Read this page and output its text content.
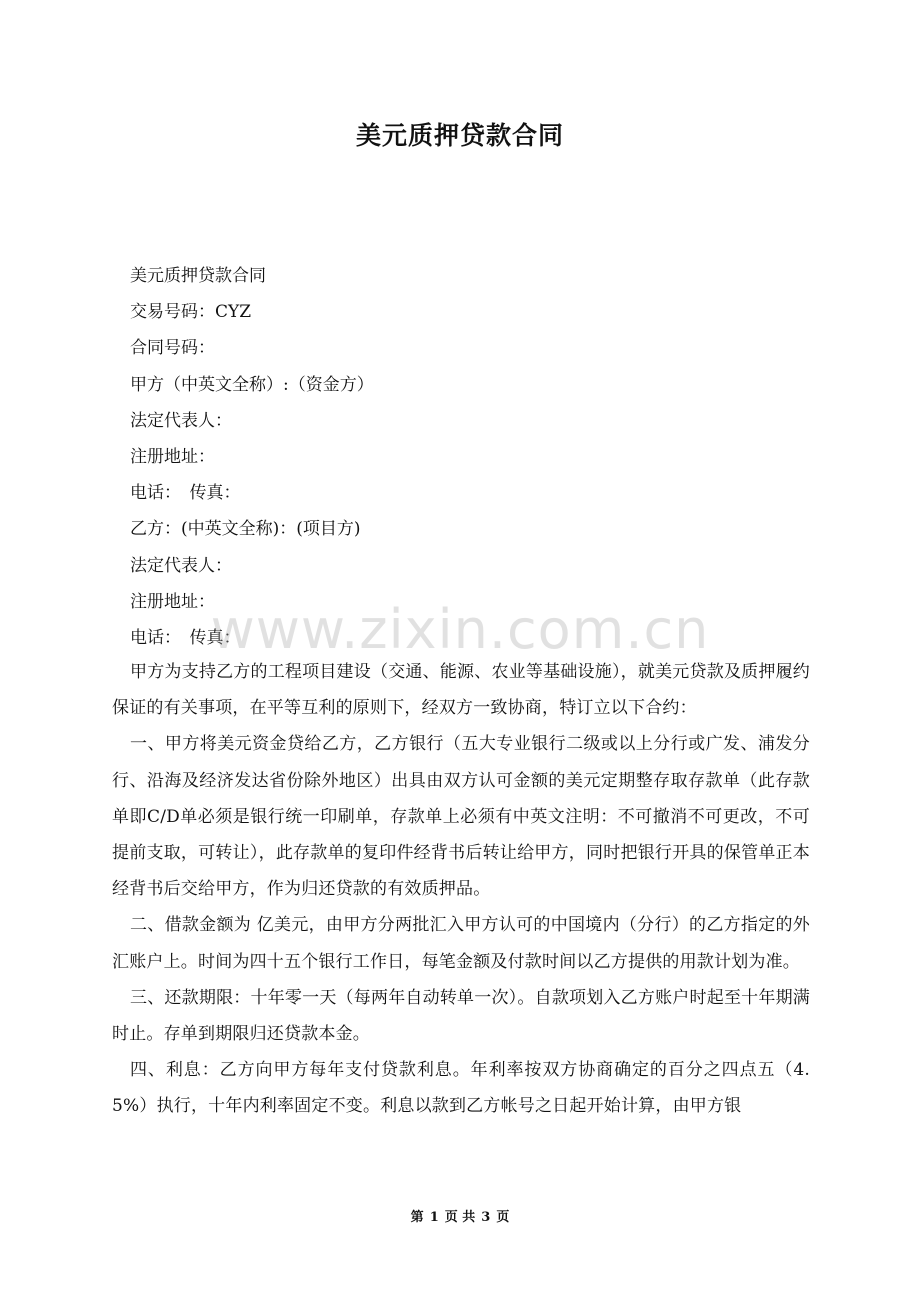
美元质押贷款合同
美元质押贷款合同
交易号码：CYZ
合同号码：
甲方（中英文全称）:（资金方）
法定代表人：
注册地址：
电话：　传真：
乙方：(中英文全称)：(项目方)
法定代表人：
注册地址：
电话：　传真：

甲方为支持乙方的工程项目建设（交通、能源、农业等基础设施），就美元贷款及质押履约保证的有关事项，在平等互利的原则下，经双方一致协商，特订立以下合约：

一、甲方将美元资金贷给乙方，乙方银行（五大专业银行二级或以上分行或广发、浦发分行、沿海及经济发达省份除外地区）出具由双方认可金额的美元定期整存取存款单（此存款单即C/D单必须是银行统一印刷单，存款单上必须有中英文注明：不可撤消不可更改，不可提前支取，可转让），此存款单的复印件经背书后转让给甲方，同时把银行开具的保管单正本经背书后交给甲方，作为归还贷款的有效质押品。

二、借款金额为 亿美元，由甲方分两批汇入甲方认可的中国境内（分行）的乙方指定的外汇账户上。时间为四十五个银行工作日，每笔金额及付款时间以乙方提供的用款计划为准。

三、还款期限：十年零一天（每两年自动转单一次）。自款项划入乙方账户时起至十年期满时止。存单到期限归还贷款本金。

四、利息：乙方向甲方每年支付贷款利息。年利率按双方协商确定的百分之四点五（4.5%）执行，十年内利率固定不变。利息以款到乙方帐号之日起开始计算，由甲方银

www.zixin.com.cn
第 1 页 共 3 页
